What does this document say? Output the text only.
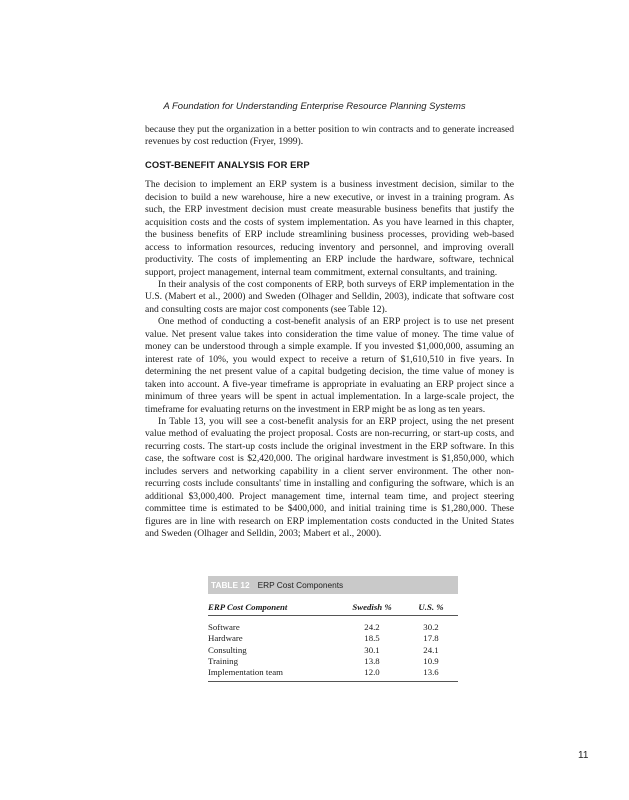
A Foundation for Understanding Enterprise Resource Planning Systems

because they put the organization in a better position to win contracts and to generate increased revenues by cost reduction (Fryer, 1999).

COST-BENEFIT ANALYSIS FOR ERP

The decision to implement an ERP system is a business investment decision, similar to the decision to build a new warehouse, hire a new executive, or invest in a training program. As such, the ERP investment decision must create measurable business benefits that justify the acquisition costs and the costs of system implementation. As you have learned in this chapter, the business benefits of ERP include streamlining business processes, providing web-based access to information resources, reducing inventory and personnel, and improving overall productivity. The costs of implementing an ERP include the hardware, software, technical support, project management, internal team commitment, external consultants, and training.

In their analysis of the cost components of ERP, both surveys of ERP implementation in the U.S. (Mabert et al., 2000) and Sweden (Olhager and Selldin, 2003), indicate that software cost and consulting costs are major cost components (see Table 12).

One method of conducting a cost-benefit analysis of an ERP project is to use net present value. Net present value takes into consideration the time value of money. The time value of money can be understood through a simple example. If you invested $1,000,000, assuming an interest rate of 10%, you would expect to receive a return of $1,610,510 in five years. In determining the net present value of a capital budgeting decision, the time value of money is taken into account. A five-year timeframe is appropriate in evaluating an ERP project since a minimum of three years will be spent in actual implementation. In a large-scale project, the timeframe for evaluating returns on the investment in ERP might be as long as ten years.

In Table 13, you will see a cost-benefit analysis for an ERP project, using the net present value method of evaluating the project proposal. Costs are non-recurring, or start-up costs, and recurring costs. The start-up costs include the original investment in the ERP software. In this case, the software cost is $2,420,000. The original hardware investment is $1,850,000, which includes servers and networking capability in a client server environment. The other non-recurring costs include consultants' time in installing and configuring the software, which is an additional $3,000,400. Project management time, internal team time, and project steering committee time is estimated to be $400,000, and initial training time is $1,280,000. These figures are in line with research on ERP implementation costs conducted in the United States and Sweden (Olhager and Selldin, 2003; Mabert et al., 2000).

TABLE 12 ERP Cost Components
ERP Cost Component	Swedish %	U.S. %
Software	24.2	30.2
Hardware	18.5	17.8
Consulting	30.1	24.1
Training	13.8	10.9
Implementation team	12.0	13.6
11
